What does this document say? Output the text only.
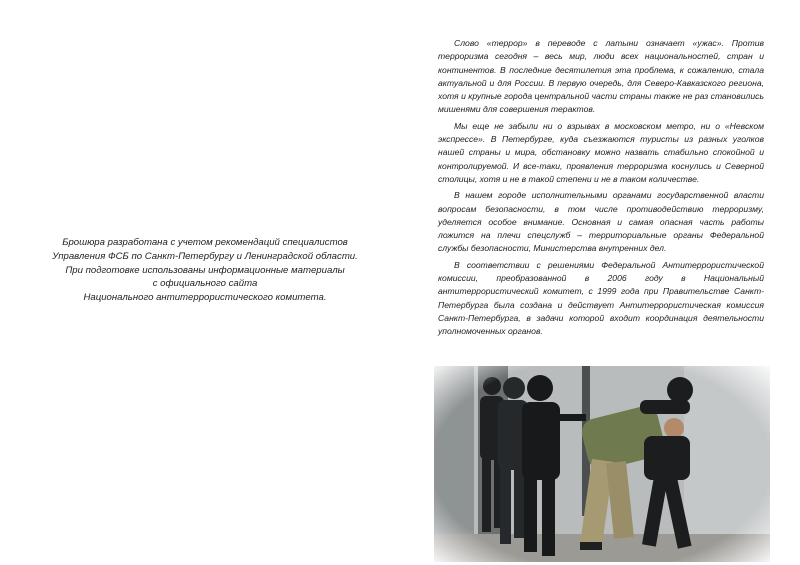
Брошюра разработана с учетом рекомендаций специалистов
Управления ФСБ по Санкт-Петербургу и Ленинградской области.
При подготовке использованы информационные материалы
с официального сайта
Национального антитеррористического комитета.

Слово «террор» в переводе с латыни означает «ужас». Против терроризма сегодня – весь мир, люди всех национальностей, стран и континентов. В последние десятилетия эта проблема, к сожалению, стала актуальной и для России. В первую очередь, для Северо-Кавказского региона, хотя и крупные города центральной части страны также не раз становились мишенями для совершения терактов.

Мы еще не забыли ни о взрывах в московском метро, ни о «Невском экспрессе». В Петербурге, куда съезжаются туристы из разных уголков нашей страны и мира, обстановку можно назвать стабильно спокойной и контролируемой. И все-таки, проявления терроризма коснулись и Северной столицы, хотя и не в такой степени и не в таком количестве.

В нашем городе исполнительными органами государственной власти вопросам безопасности, в том числе противодействию терроризму, уделяется особое внимание. Основная и самая опасная часть работы ложится на плечи спецслужб – территориальные органы Федеральной службы безопасности, Министерства внутренних дел.

В соответствии с решениями Федеральной Антитеррористической комиссии, преобразованной в 2006 году в Национальный антитеррористический комитет, с 1999 года при Правительстве Санкт-Петербурга была создана и действует Антитеррористическая комиссия Санкт-Петербурга, в задачи которой входит координация деятельности уполномоченных органов.
